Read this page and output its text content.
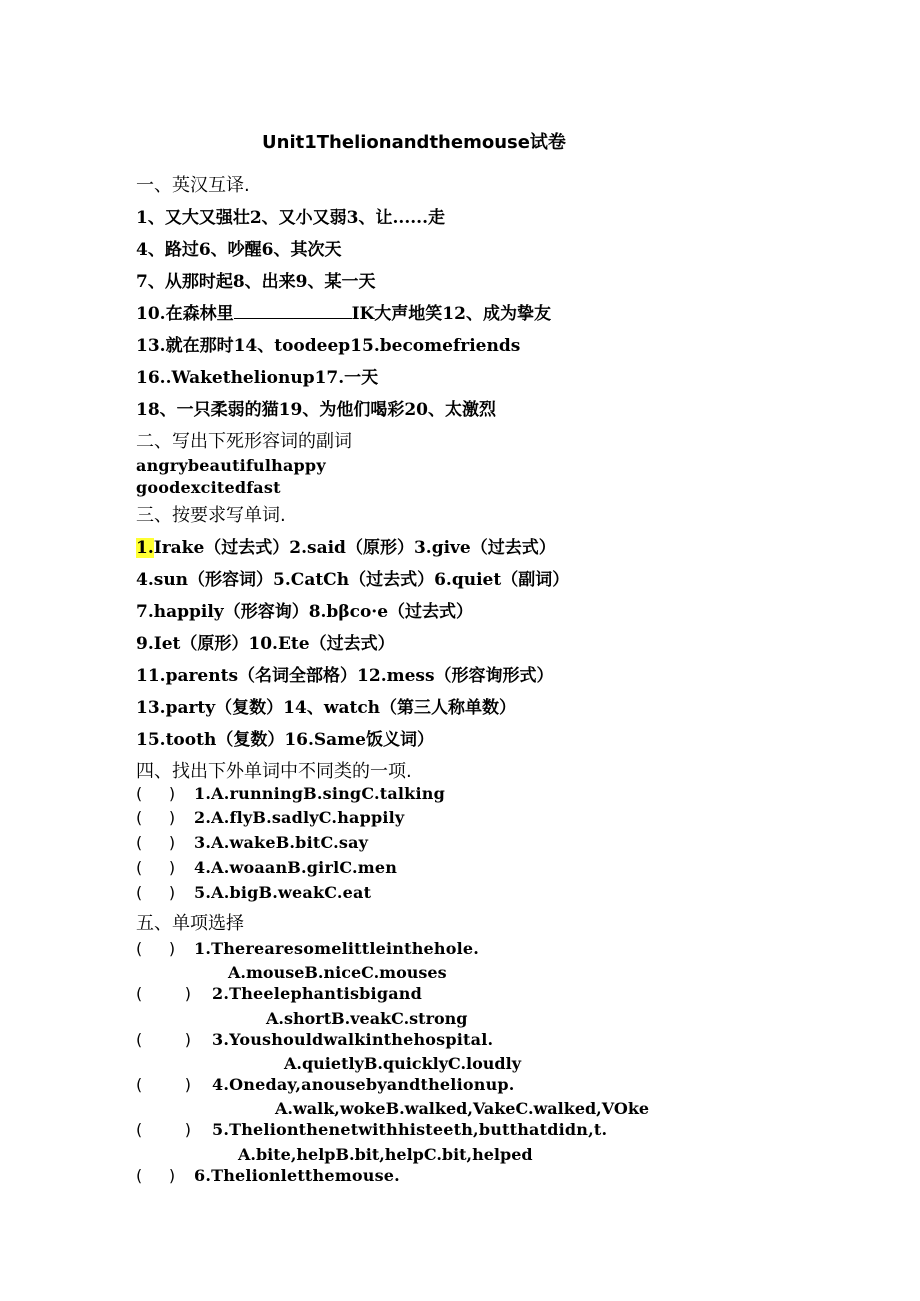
Unit1Thelionandthemouse试卷
一、英汉互译.
1、又大又强壮2、又小又弱3、让......走
4、路过6、吵醒6、其次天
7、从那时起8、出来9、某一天
10.在森林里	IK大声地笑12、成为挚友
13.就在那时14、toodeep15.becomefriends
16..Wakethelionup17.一天
18、一只柔弱的猫19、为他们喝彩20、太激烈
二、写出下死形容词的副词
angrybeautifulhappy
goodexcitedfast
三、按要求写单词.
1.Irake（过去式）2.said（原形）3.give（过去式）
4.sun（形容词）5.CatCh（过去式）6.quiet（副词）
7.happily（形容询）8.bβco·e（过去式）
9.Iet（原形）10.Ete（过去式）
11.parents（名词全部格）12.mess（形容询形式）
13.party（复数）14、watch（第三人称单数）
15.tooth（复数）16.Same饭义词）
四、找出下外单词中不同类的一项.
( ) 1.A.runningB.singC.talking
( ) 2.A.flyB.sadlyC.happily
( ) 3.A.wakeB.bitC.say
( ) 4.A.woaanB.girlC.men
( ) 5.A.bigB.weakC.eat
五、单项选择
( ) 1.Therearesomelittleinthehole.
A.mouseB.niceC.mouses
(	) 2.Theelephantisbigand
A.shortB.veakC.strong
(	) 3.Youshouldwalkinthehospital.
A.quietlyB.quicklyC.loudly
(	) 4.Oneday,anousebyandthelionup.
A.walk,wokeB.walked,VakeC.walked,VOke
(	) 5.Thelionthenetwithhisteeth,butthatdidn,t.
A.bite,helpB.bit,helpC.bit,helped
( ) 6.Thelionletthemouse.
